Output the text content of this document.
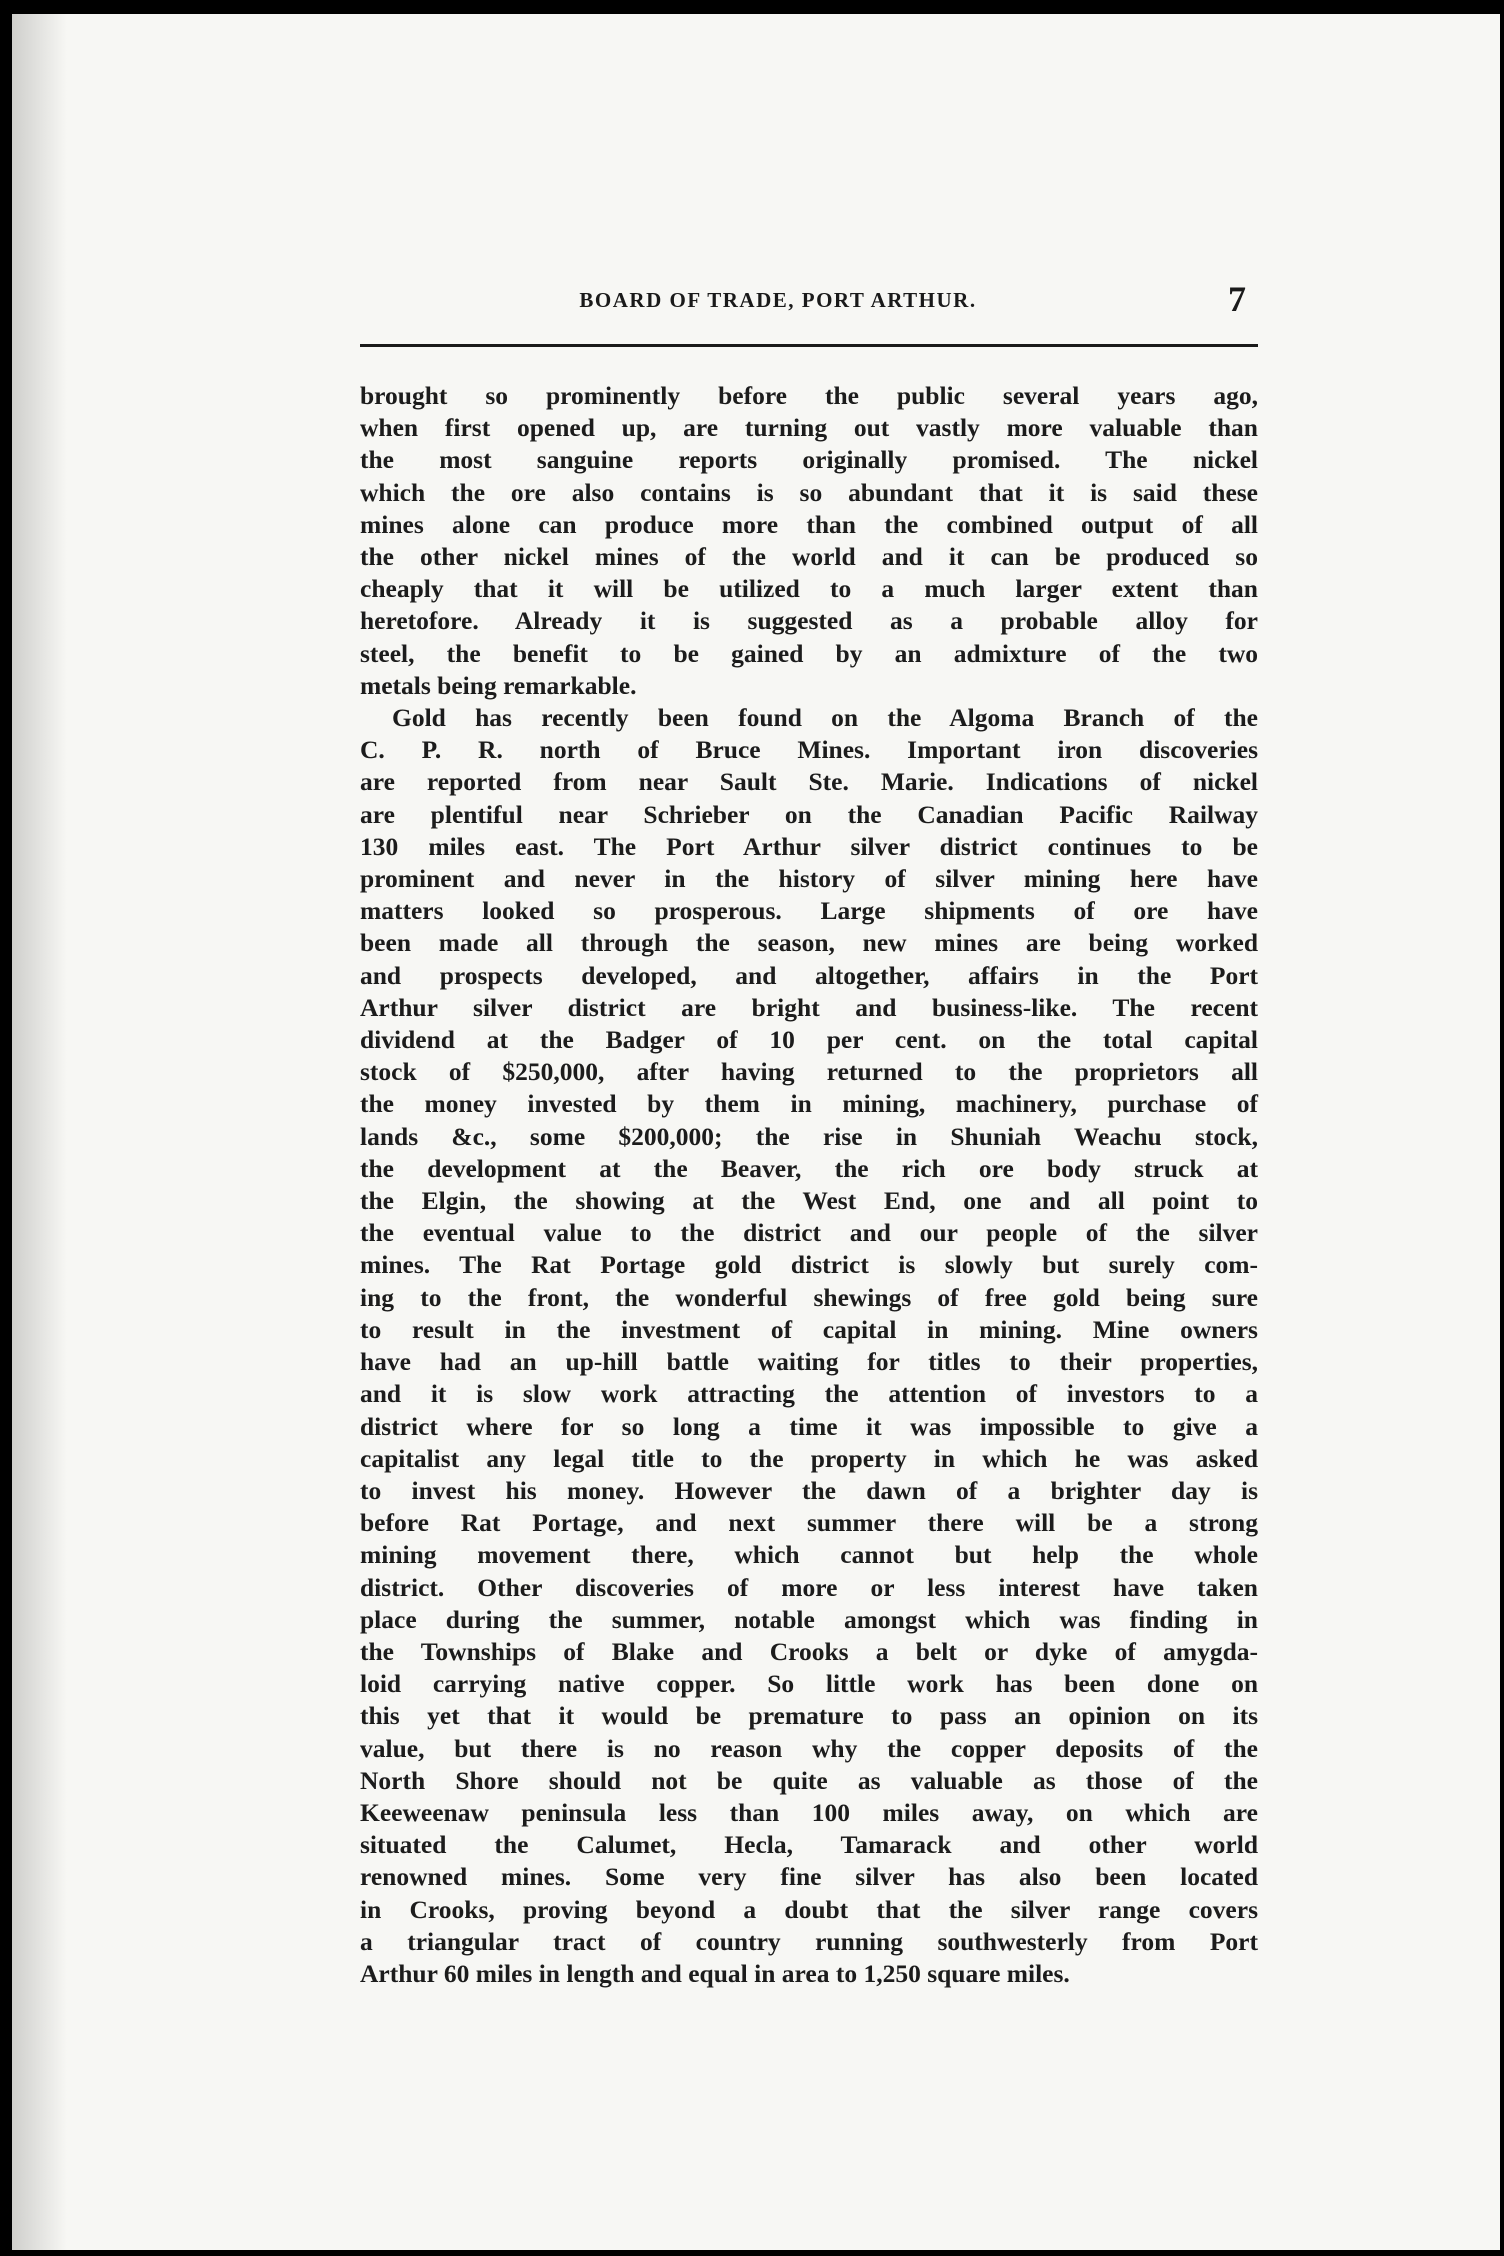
BOARD OF TRADE, PORT ARTHUR.	7
brought so prominently before the public several years ago,
when first opened up, are turning out vastly more valuable than
the most sanguine reports originally promised. The nickel
which the ore also contains is so abundant that it is said these
mines alone can produce more than the combined output of all
the other nickel mines of the world and it can be produced so
cheaply that it will be utilized to a much larger extent than
heretofore. Already it is suggested as a probable alloy for
steel, the benefit to be gained by an admixture of the two
metals being remarkable.
Gold has recently been found on the Algoma Branch of the
C. P. R. north of Bruce Mines. Important iron discoveries
are reported from near Sault Ste. Marie. Indications of nickel
are plentiful near Schrieber on the Canadian Pacific Railway
130 miles east. The Port Arthur silver district continues to be
prominent and never in the history of silver mining here have
matters looked so prosperous. Large shipments of ore have
been made all through the season, new mines are being worked
and prospects developed, and altogether, affairs in the Port
Arthur silver district are bright and business-like. The recent
dividend at the Badger of 10 per cent. on the total capital
stock of $250,000, after having returned to the proprietors all
the money invested by them in mining, machinery, purchase of
lands &c., some $200,000; the rise in Shuniah Weachu stock,
the development at the Beaver, the rich ore body struck at
the Elgin, the showing at the West End, one and all point to
the eventual value to the district and our people of the silver
mines. The Rat Portage gold district is slowly but surely com-
ing to the front, the wonderful shewings of free gold being sure
to result in the investment of capital in mining. Mine owners
have had an up-hill battle waiting for titles to their properties,
and it is slow work attracting the attention of investors to a
district where for so long a time it was impossible to give a
capitalist any legal title to the property in which he was asked
to invest his money. However the dawn of a brighter day is
before Rat Portage, and next summer there will be a strong
mining movement there, which cannot but help the whole
district. Other discoveries of more or less interest have taken
place during the summer, notable amongst which was finding in
the Townships of Blake and Crooks a belt or dyke of amygda-
loid carrying native copper. So little work has been done on
this yet that it would be premature to pass an opinion on its
value, but there is no reason why the copper deposits of the
North Shore should not be quite as valuable as those of the
Keeweenaw peninsula less than 100 miles away, on which are
situated the Calumet, Hecla, Tamarack and other world
renowned mines. Some very fine silver has also been located
in Crooks, proving beyond a doubt that the silver range covers
a triangular tract of country running southwesterly from Port
Arthur 60 miles in length and equal in area to 1,250 square miles.
